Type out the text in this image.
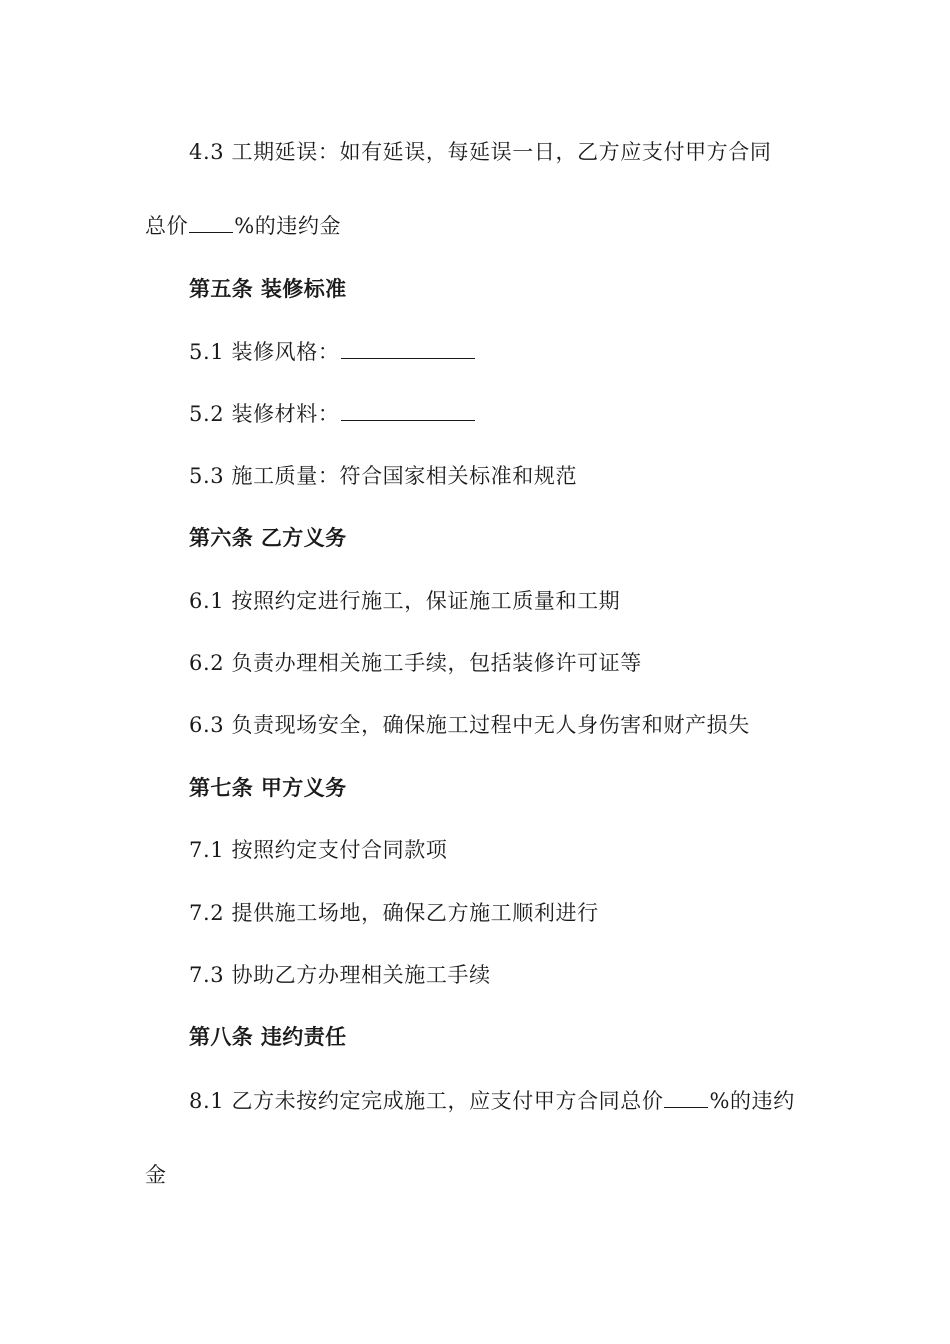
4.3 工期延误：如有延误，每延误一日，乙方应支付甲方合同
总价 %的违约金
第五条 装修标准
5.1 装修风格：
5.2 装修材料：
5.3 施工质量：符合国家相关标准和规范
第六条 乙方义务
6.1 按照约定进行施工，保证施工质量和工期
6.2 负责办理相关施工手续，包括装修许可证等
6.3 负责现场安全，确保施工过程中无人身伤害和财产损失
第七条 甲方义务
7.1 按照约定支付合同款项
7.2 提供施工场地，确保乙方施工顺利进行
7.3 协助乙方办理相关施工手续
第八条 违约责任
8.1 乙方未按约定完成施工，应支付甲方合同总价 %的违约
金
